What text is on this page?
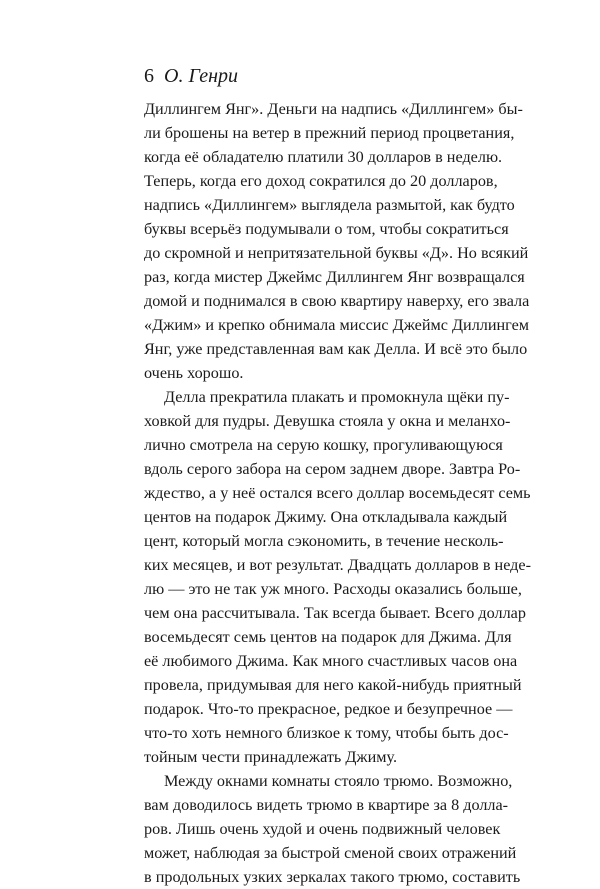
6 О. Генри
Диллингем Янг». Деньги на надпись «Диллингем» бы-
ли брошены на ветер в прежний период процветания,
когда её обладателю платили 30 долларов в неделю.
Теперь, когда его доход сократился до 20 долларов,
надпись «Диллингем» выглядела размытой, как будто
буквы всерьёз подумывали о том, чтобы сократиться
до скромной и непритязательной буквы «Д». Но всякий
раз, когда мистер Джеймс Диллингем Янг возвращался
домой и поднимался в свою квартиру наверху, его звала
«Джим» и крепко обнимала миссис Джеймс Диллингем
Янг, уже представленная вам как Делла. И всё это было
очень хорошо.
Делла прекратила плакать и промокнула щёки пу-
ховкой для пудры. Девушка стояла у окна и меланхо-
лично смотрела на серую кошку, прогуливающуюся
вдоль серого забора на сером заднем дворе. Завтра Ро-
ждество, а у неё остался всего доллар восемьдесят семь
центов на подарок Джиму. Она откладывала каждый
цент, который могла сэкономить, в течение несколь-
ких месяцев, и вот результат. Двадцать долларов в неде-
лю — это не так уж много. Расходы оказались больше,
чем она рассчитывала. Так всегда бывает. Всего доллар
восемьдесят семь центов на подарок для Джима. Для
её любимого Джима. Как много счастливых часов она
провела, придумывая для него какой-нибудь приятный
подарок. Что-то прекрасное, редкое и безупречное —
что-то хоть немного близкое к тому, чтобы быть дос-
тойным чести принадлежать Джиму.
Между окнами комнаты стояло трюмо. Возможно,
вам доводилось видеть трюмо в квартире за 8 долла-
ров. Лишь очень худой и очень подвижный человек
может, наблюдая за быстрой сменой своих отражений
в продольных узких зеркалах такого трюмо, составить
